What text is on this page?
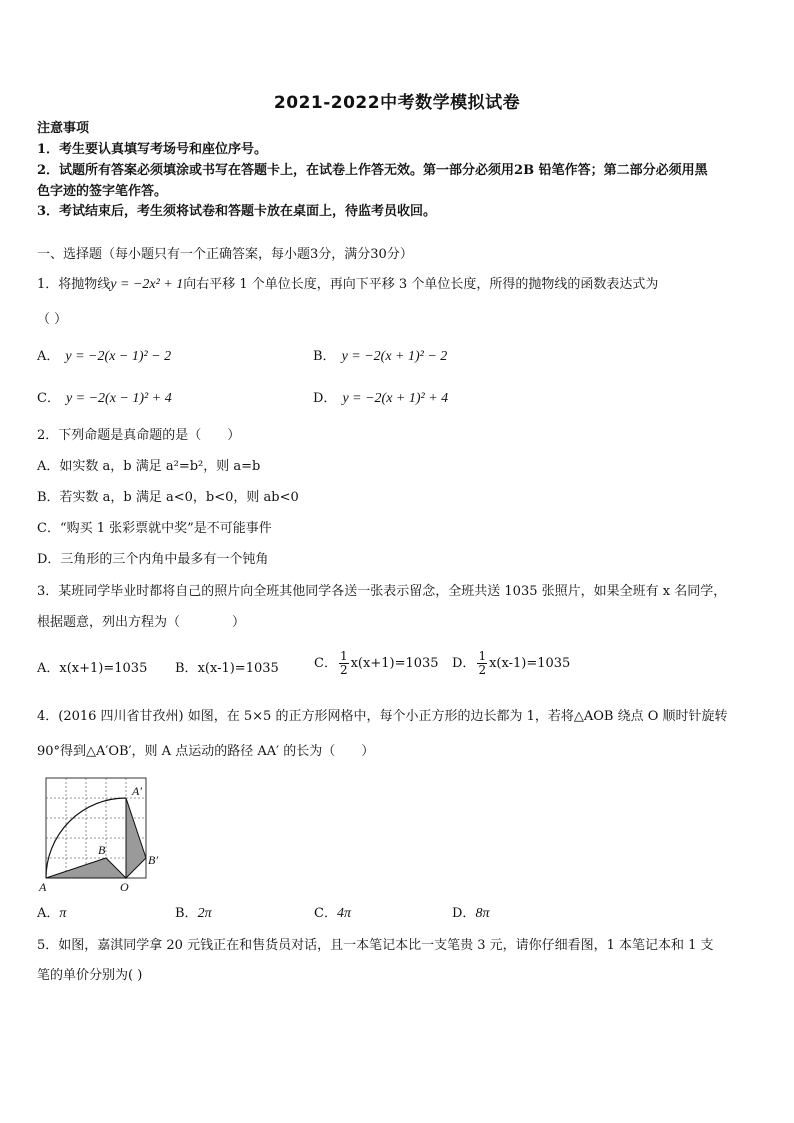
2021-2022中考数学模拟试卷
注意事项
1．考生要认真填写考场号和座位序号。
2．试题所有答案必须填涂或书写在答题卡上，在试卷上作答无效。第一部分必须用2B 铅笔作答；第二部分必须用黑
色字迹的签字笔作答。
3．考试结束后，考生须将试卷和答题卡放在桌面上，待监考员收回。
一、选择题（每小题只有一个正确答案，每小题3分，满分30分）
1．将抛物线y = −2x² + 1向右平移 1 个单位长度，再向下平移 3 个单位长度，所得的抛物线的函数表达式为
（ ）
A． y = −2(x − 1)² − 2	B． y = −2(x + 1)² − 2
C． y = −2(x − 1)² + 4	D． y = −2(x + 1)² + 4
2．下列命题是真命题的是（　　）
A．如实数 a，b 满足 a²=b²，则 a=b
B．若实数 a，b 满足 a<0，b<0，则 ab<0
C．“购买 1 张彩票就中奖”是不可能事件
D．三角形的三个内角中最多有一个钝角
3．某班同学毕业时都将自己的照片向全班其他同学各送一张表示留念，全班共送 1035 张照片，如果全班有 x 名同学，
根据题意，列出方程为（　　　　）
A．x(x+1)=1035 B．x(x-1)=1035	C． $\frac{1}{2} x(x+1)=1035$ D． $\frac{1}{2} x(x-1)=1035$
4．(2016 四川省甘孜州) 如图，在 5×5 的正方形网格中，每个小正方形的边长都为 1，若将△AOB 绕点 O 顺时针旋转
90°得到△A′OB′，则 A 点运动的路径 AA′ 的长为（　　）
A	O
B
A′
B′
A．π	B．2π	C．4π	D．8π
5．如图，嘉淇同学拿 20 元钱正在和售货员对话，且一本笔记本比一支笔贵 3 元，请你仔细看图，1 本笔记本和 1 支
笔的单价分别为( )
